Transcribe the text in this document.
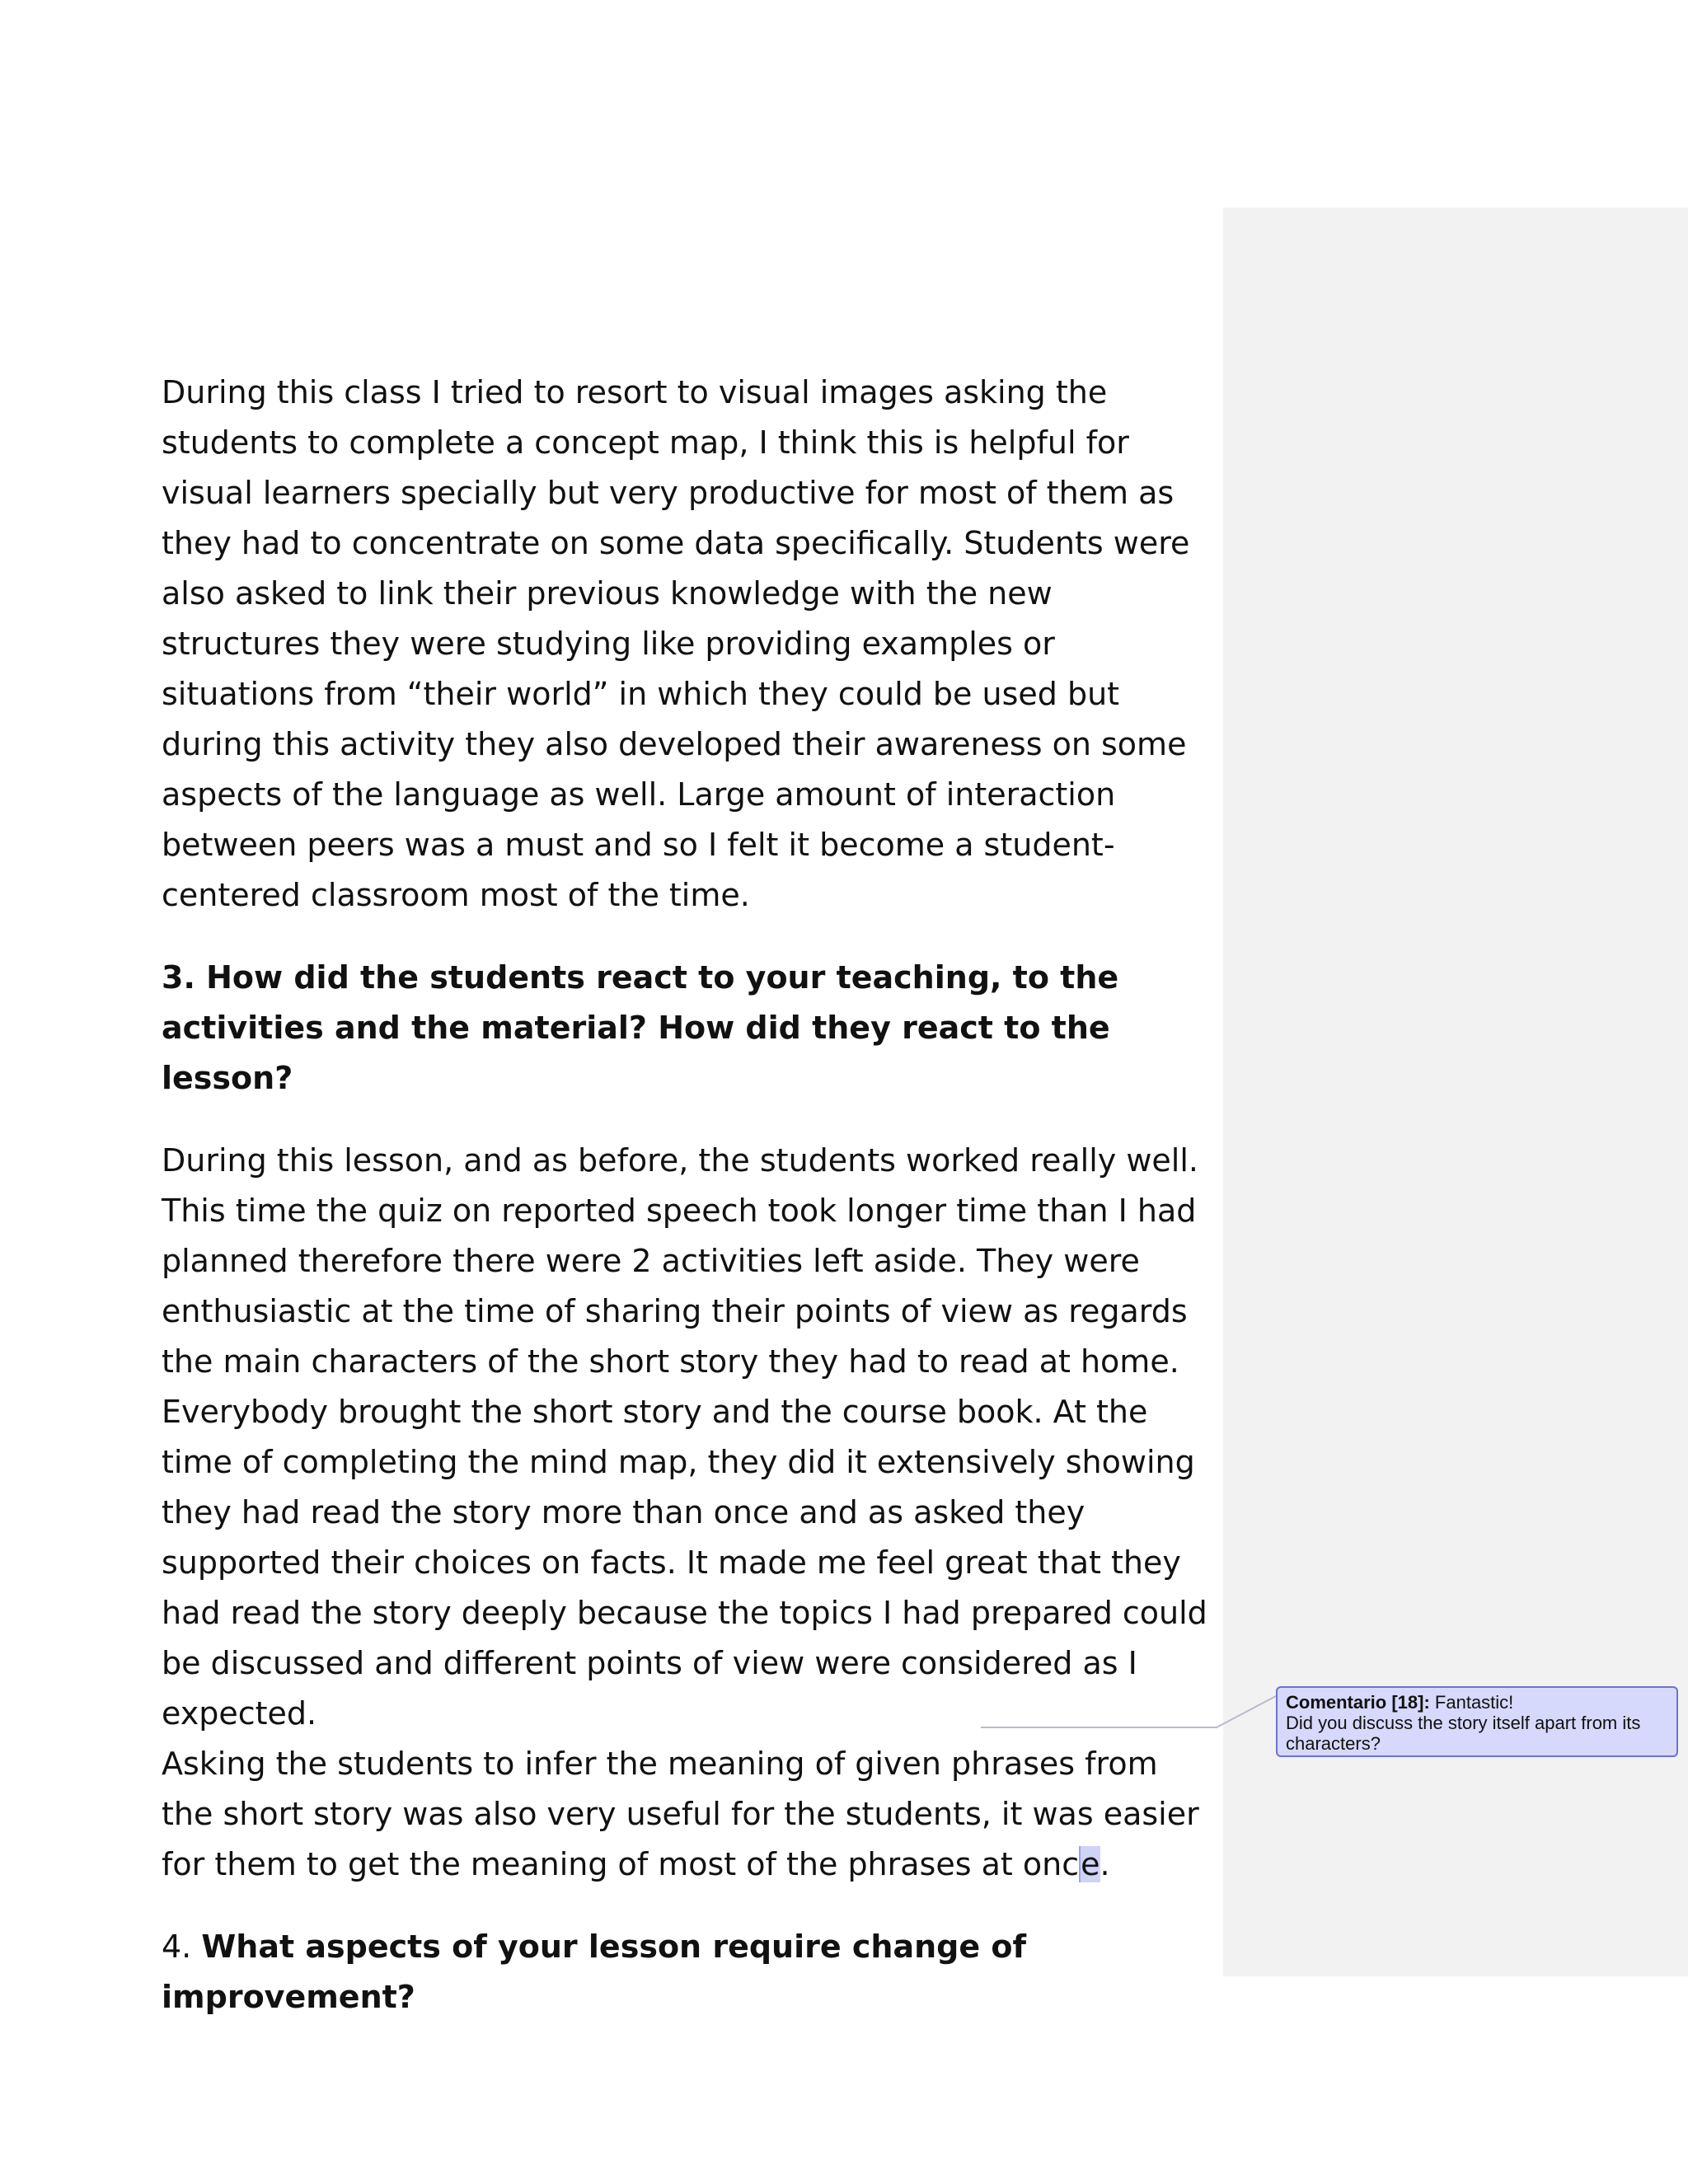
During this class I tried to resort to visual images asking the students to complete a concept map, I think this is helpful for visual learners specially but very productive for most of them as they had to concentrate on some data specifically. Students were also asked to link their previous knowledge with the new structures they were studying like providing examples or situations from “their world” in which they could be used but during this activity they also developed their awareness on some aspects of the language as well. Large amount of interaction between peers was a must and so I felt it become a student- centered classroom most of the time.

3. How did the students react to your teaching, to the activities and the material? How did they react to the lesson?

During this lesson, and as before, the students worked really well. This time the quiz on reported speech took longer time than I had planned therefore there were 2 activities left aside. They were enthusiastic at the time of sharing their points of view as regards the main characters of the short story they had to read at home. Everybody brought the short story and the course book. At the time of completing the mind map, they did it extensively showing they had read the story more than once and as asked they supported their choices on facts. It made me feel great that they had read the story deeply because the topics I had prepared could be discussed and different points of view were considered as I expected.

Asking the students to infer the meaning of given phrases from the short story was also very useful for the students, it was easier for them to get the meaning of most of the phrases at once.

4. What aspects of your lesson require change of improvement?

Comentario [18]: Fantastic!
Did you discuss the story itself apart from its characters?
